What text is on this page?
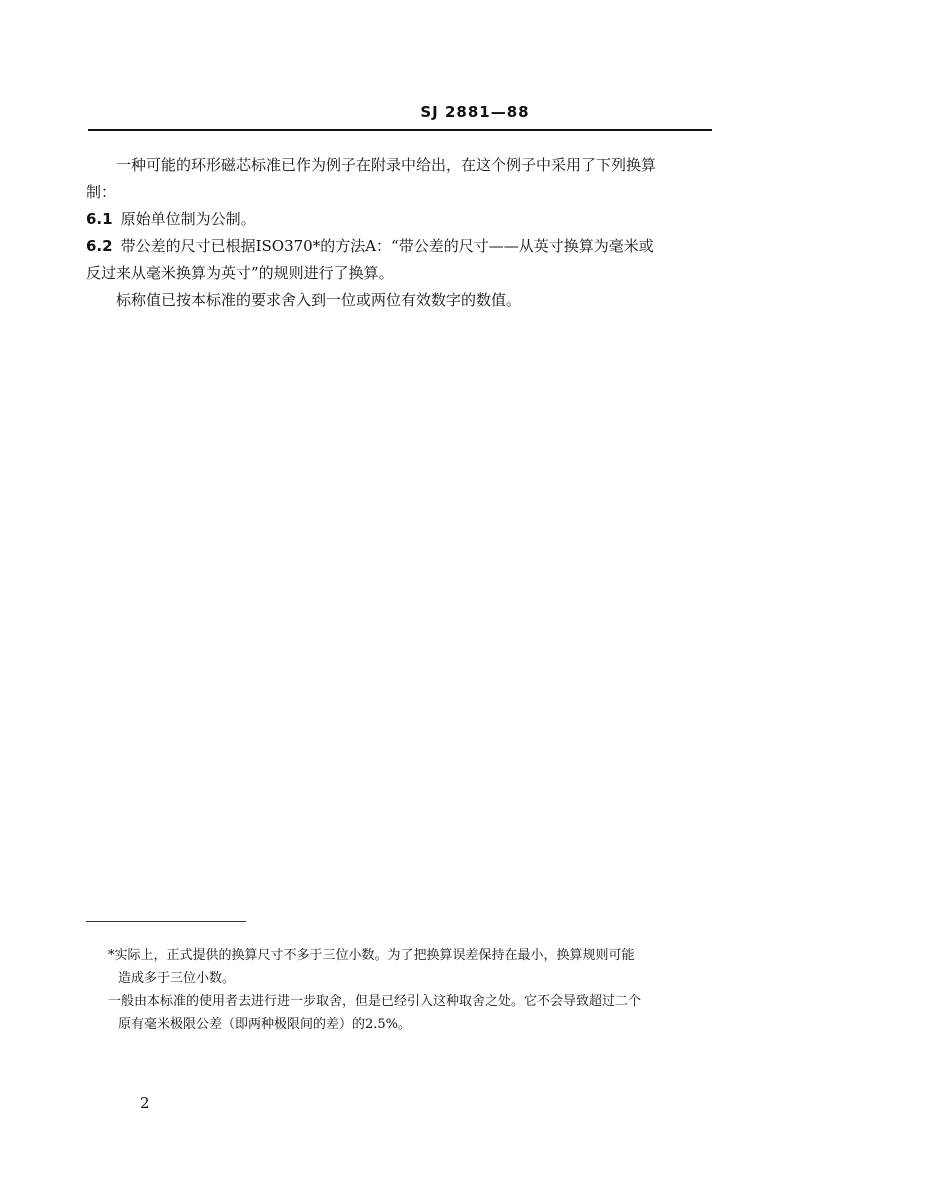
SJ 2881—88

一种可能的环形磁芯标准已作为例子在附录中给出，在这个例子中采用了下列换算
制：

6.1 原始单位制为公制。

6.2 带公差的尺寸已根据ISO370*的方法A：“带公差的尺寸——从英寸换算为毫米或
反过来从毫米换算为英寸”的规则进行了换算。

标称值已按本标准的要求舍入到一位或两位有效数字的数值。

*实际上，正式提供的换算尺寸不多于三位小数。为了把换算误差保持在最小，换算规则可能

造成多于三位小数。

一般由本标准的使用者去进行进一步取舍，但是已经引入这种取舍之处。它不会导致超过二个

原有毫米极限公差（即两种极限间的差）的2.5%。

2
